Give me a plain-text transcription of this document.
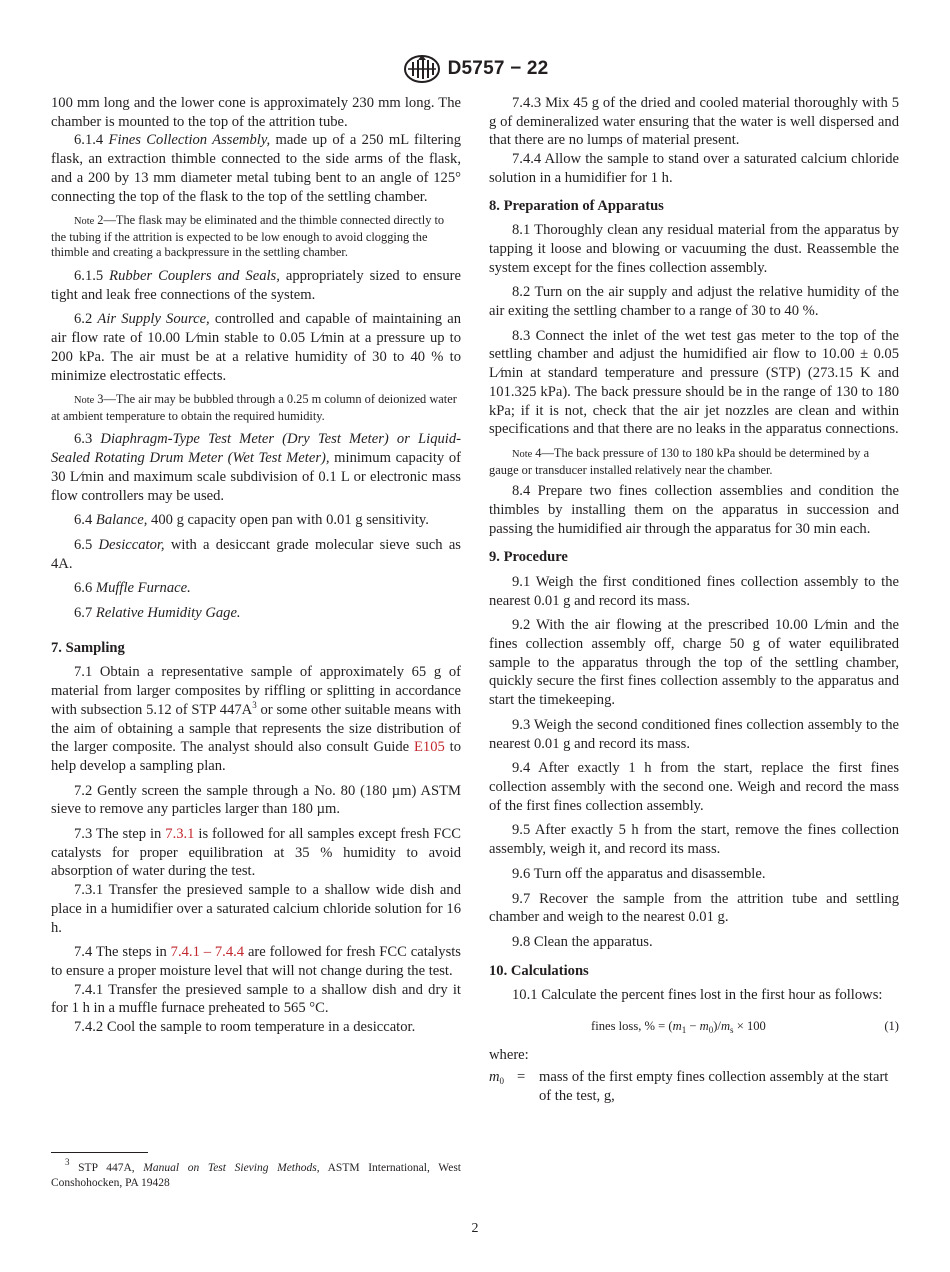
D5757 − 22

100 mm long and the lower cone is approximately 230 mm long. The chamber is mounted to the top of the attrition tube.

6.1.4 Fines Collection Assembly, made up of a 250 mL filtering flask, an extraction thimble connected to the side arms of the flask, and a 200 by 13 mm diameter metal tubing bent to an angle of 125° connecting the top of the flask to the top of the settling chamber.

Note 2—The flask may be eliminated and the thimble connected directly to the tubing if the attrition is expected to be low enough to avoid clogging the thimble and creating a backpressure in the settling chamber.

6.1.5 Rubber Couplers and Seals, appropriately sized to ensure tight and leak free connections of the system.

6.2 Air Supply Source, controlled and capable of maintaining an air flow rate of 10.00 L⁄min stable to 0.05 L⁄min at a pressure up to 200 kPa. The air must be at a relative humidity of 30 to 40 % to minimize electrostatic effects.

Note 3—The air may be bubbled through a 0.25 m column of deionized water at ambient temperature to obtain the required humidity.

6.3 Diaphragm-Type Test Meter (Dry Test Meter) or Liquid-Sealed Rotating Drum Meter (Wet Test Meter), minimum capacity of 30 L⁄min and maximum scale subdivision of 0.1 L or electronic mass flow controllers may be used.

6.4 Balance, 400 g capacity open pan with 0.01 g sensitivity.

6.5 Desiccator, with a desiccant grade molecular sieve such as 4A.

6.6 Muffle Furnace.

6.7 Relative Humidity Gage.

7. Sampling

7.1 Obtain a representative sample of approximately 65 g of material from larger composites by riffling or splitting in accordance with subsection 5.12 of STP $447A^3$ or some other suitable means with the aim of obtaining a sample that represents the size distribution of the larger composite. The analyst should also consult Guide E105 to help develop a sampling plan.

7.2 Gently screen the sample through a No. 80 (180 µm) ASTM sieve to remove any particles larger than 180 µm.

7.3 The step in 7.3.1 is followed for all samples except fresh FCC catalysts for proper equilibration at 35 % humidity to avoid absorption of water during the test.

7.3.1 Transfer the presieved sample to a shallow wide dish and place in a humidifier over a saturated calcium chloride solution for 16 h.

7.4 The steps in 7.4.1 – 7.4.4 are followed for fresh FCC catalysts to ensure a proper moisture level that will not change during the test.

7.4.1 Transfer the presieved sample to a shallow dish and dry it for 1 h in a muffle furnace preheated to 565 °C.

7.4.2 Cool the sample to room temperature in a desiccator.

7.4.3 Mix 45 g of the dried and cooled material thoroughly with 5 g of demineralized water ensuring that the water is well dispersed and that there are no lumps of material present.

7.4.4 Allow the sample to stand over a saturated calcium chloride solution in a humidifier for 1 h.

8. Preparation of Apparatus

8.1 Thoroughly clean any residual material from the apparatus by tapping it loose and blowing or vacuuming the dust. Reassemble the system except for the fines collection assembly.

8.2 Turn on the air supply and adjust the relative humidity of the air exiting the settling chamber to a range of 30 to 40 %.

8.3 Connect the inlet of the wet test gas meter to the top of the settling chamber and adjust the humidified air flow to 10.00 ± 0.05 L⁄min at standard temperature and pressure (STP) (273.15 K and 101.325 kPa). The back pressure should be in the range of 130 to 180 kPa; if it is not, check that the air jet nozzles are clean and within specifications and that there are no leaks in the apparatus connections.

Note 4—The back pressure of 130 to 180 kPa should be determined by a gauge or transducer installed relatively near the chamber.

8.4 Prepare two fines collection assemblies and condition the thimbles by installing them on the apparatus in succession and passing the humidified air through the apparatus for 30 min each.

9. Procedure

9.1 Weigh the first conditioned fines collection assembly to the nearest 0.01 g and record its mass.

9.2 With the air flowing at the prescribed 10.00 L⁄min and the fines collection assembly off, charge 50 g of water equilibrated sample to the apparatus through the top of the settling chamber, quickly secure the first fines collection assembly to the apparatus and start the timekeeping.

9.3 Weigh the second conditioned fines collection assembly to the nearest 0.01 g and record its mass.

9.4 After exactly 1 h from the start, replace the first fines collection assembly with the second one. Weigh and record the mass of the first fines collection assembly.

9.5 After exactly 5 h from the start, remove the fines collection assembly, weigh it, and record its mass.

9.6 Turn off the apparatus and disassemble.

9.7 Recover the sample from the attrition tube and settling chamber and weigh to the nearest 0.01 g.

9.8 Clean the apparatus.

10. Calculations

10.1 Calculate the percent fines lost in the first hour as follows:

fines loss, % = $(m_1 - m_0)/m_s \times 100$	(1)

where:

$m_0$ = mass of the first empty fines collection assembly at the start of the test, g,
$^3$ STP 447A, Manual on Test Sieving Methods, ASTM International, West Conshohocken, PA 19428
2
